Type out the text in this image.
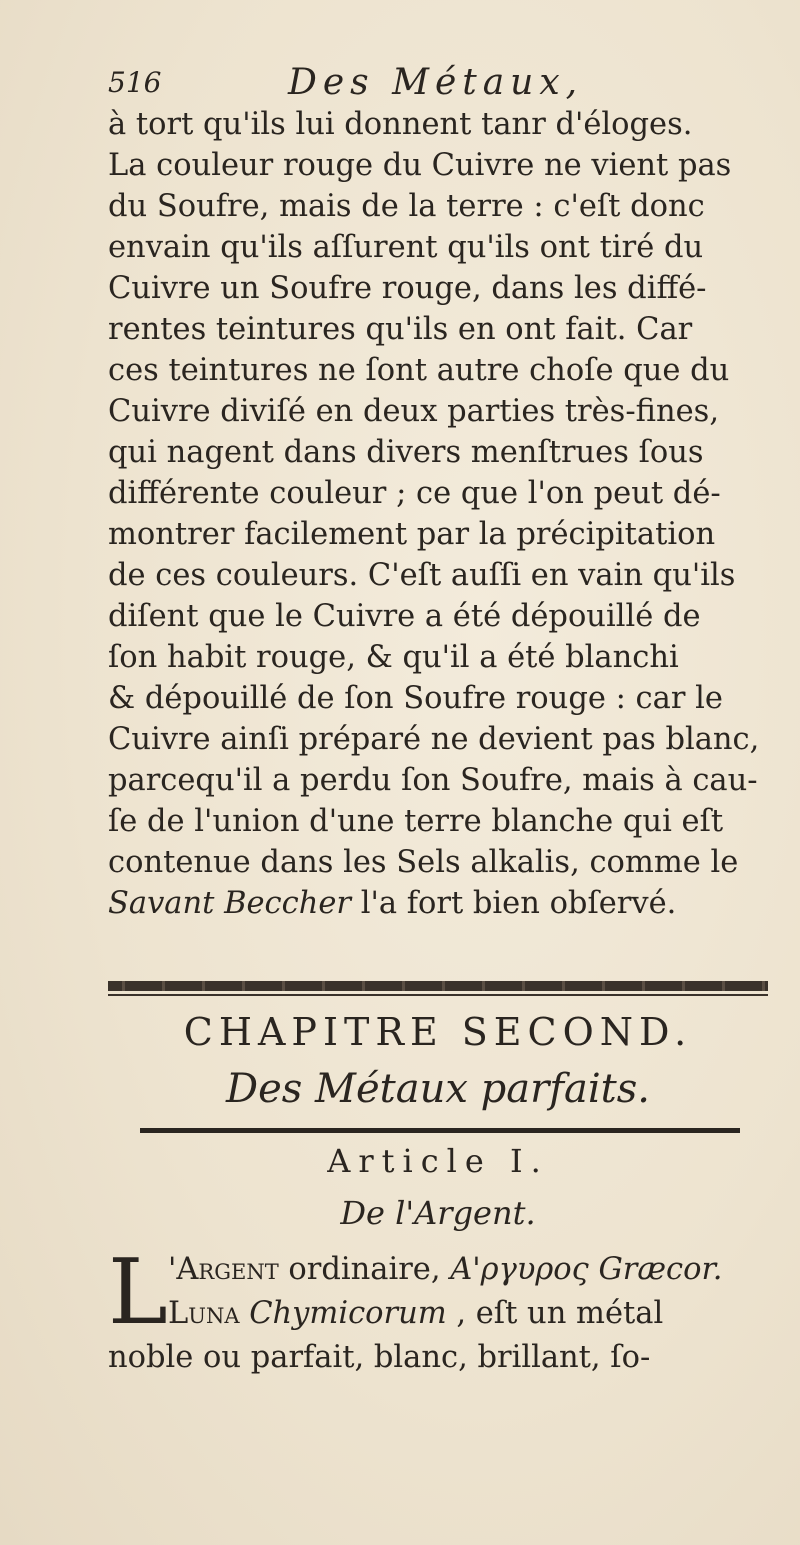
516	Des Métaux,
à tort qu'ils lui donnent tanr d'éloges.
La couleur rouge du Cuivre ne vient pas
du Soufre, mais de la terre : c'eſt donc
envain qu'ils aſſurent qu'ils ont tiré du
Cuivre un Soufre rouge, dans les diffé-
rentes teintures qu'ils en ont fait. Car
ces teintures ne ſont autre choſe que du
Cuivre diviſé en deux parties très-fines,
qui nagent dans divers menſtrues ſous
différente couleur ; ce que l'on peut dé-
montrer facilement par la précipitation
de ces couleurs. C'eſt auſſi en vain qu'ils
diſent que le Cuivre a été dépouillé de
ſon habit rouge, & qu'il a été blanchi
& dépouillé de ſon Soufre rouge : car le
Cuivre ainſi préparé ne devient pas blanc,
parcequ'il a perdu ſon Soufre, mais à cau-
ſe de l'union d'une terre blanche qui eſt
contenue dans les Sels alkalis, comme le
Savant Beccher l'a fort bien obſervé.
CHAPITRE SECOND.
Des Métaux parfaits.
Article I.
De l'Argent.
L 'Argent ordinaire, Α'ργυρος Græcor.
Luna Chymicorum , eſt un métal
noble ou parfait, blanc, brillant, ſo-
